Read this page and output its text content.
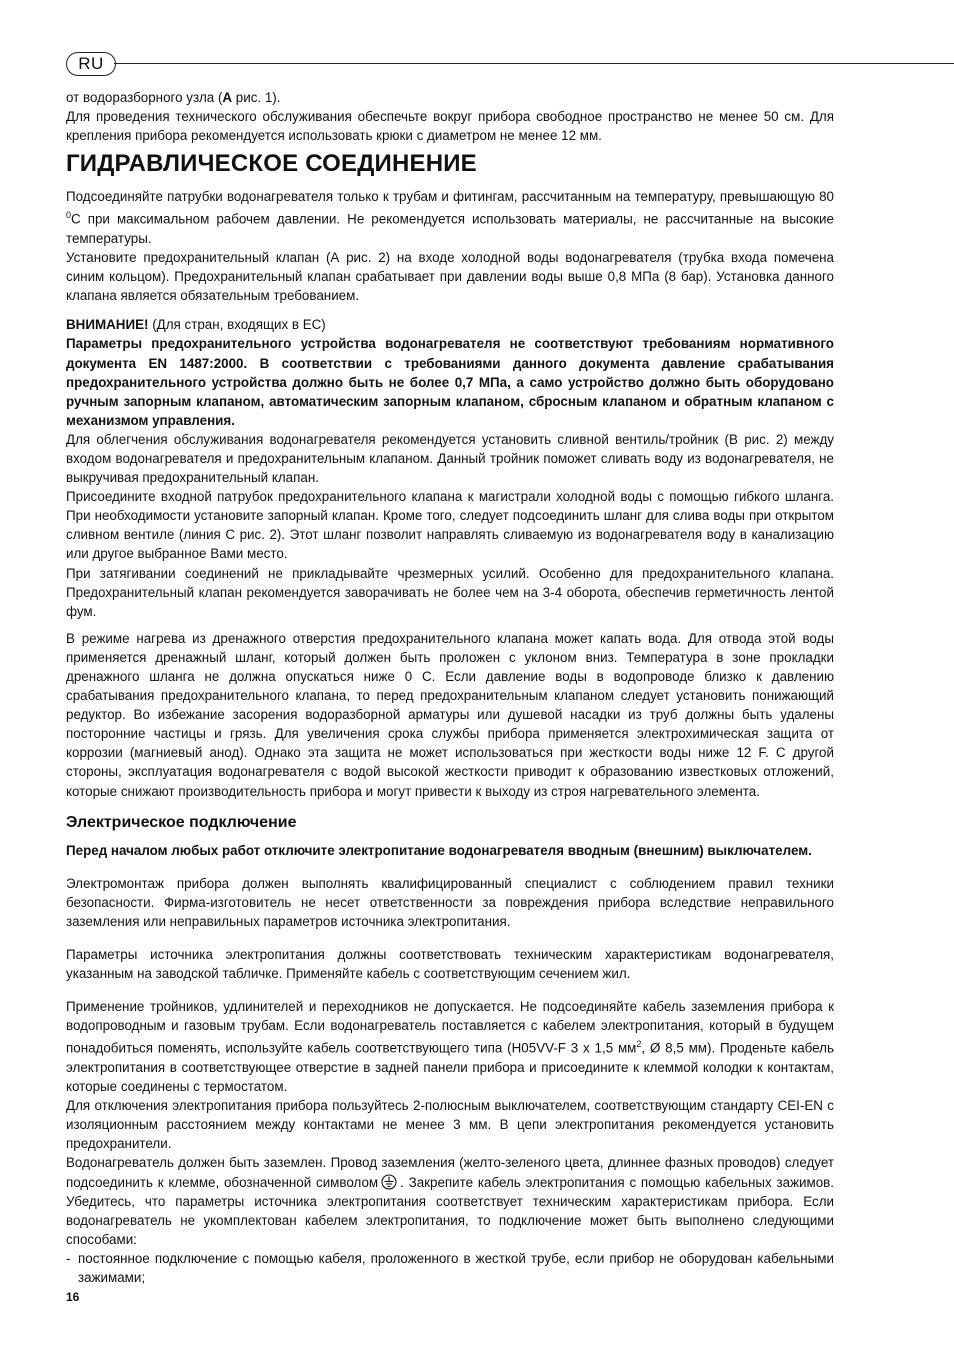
RU

от водоразборного узла (A рис. 1).

Для проведения технического обслуживания обеспечьте вокруг прибора свободное пространство не менее 50 см. Для крепления прибора рекомендуется использовать крюки с диаметром не менее 12 мм.

ГИДРАВЛИЧЕСКОЕ СОЕДИНЕНИЕ

Подсоединяйте патрубки водонагревателя только к трубам и фитингам, рассчитанным на температуру, превышающую 80 $^0$С при максимальном рабочем давлении. Не рекомендуется использовать материалы, не рассчитанные на высокие температуры.

Установите предохранительный клапан (А рис. 2) на входе холодной воды водонагревателя (трубка входа помечена синим кольцом). Предохранительный клапан срабатывает при давлении воды выше 0,8 МПа (8 бар). Установка данного клапана является обязательным требованием.

ВНИМАНИЕ! (Для стран, входящих в ЕС)

Параметры предохранительного устройства водонагревателя не соответствуют требованиям нормативного документа EN 1487:2000. В соответствии с требованиями данного документа давление срабатывания предохранительного устройства должно быть не более 0,7 МПа, а само устройство должно быть оборудовано ручным запорным клапаном, автоматическим запорным клапаном, сбросным клапаном и обратным клапаном с механизмом управления.

Для облегчения обслуживания водонагревателя рекомендуется установить сливной вентиль/тройник (В рис. 2) между входом водонагревателя и предохранительным клапаном. Данный тройник поможет сливать воду из водонагревателя, не выкручивая предохранительный клапан.

Присоедините входной патрубок предохранительного клапана к магистрали холодной воды с помощью гибкого шланга. При необходимости установите запорный клапан. Кроме того, следует подсоединить шланг для слива воды при открытом сливном вентиле (линия С рис. 2). Этот шланг позволит направлять сливаемую из водонагревателя воду в канализацию или другое выбранное Вами место.

При затягивании соединений не прикладывайте чрезмерных усилий. Особенно для предохранительного клапана. Предохранительный клапан рекомендуется заворачивать не более чем на 3-4 оборота, обеспечив герметичность лентой фум.

В режиме нагрева из дренажного отверстия предохранительного клапана может капать вода. Для отвода этой воды применяется дренажный шланг, который должен быть проложен с уклоном вниз. Температура в зоне прокладки дренажного шланга не должна опускаться ниже 0 С. Если давление воды в водопроводе близко к давлению срабатывания предохранительного клапана, то перед предохранительным клапаном следует установить понижающий редуктор. Во избежание засорения водоразборной арматуры или душевой насадки из труб должны быть удалены посторонние частицы и грязь. Для увеличения срока службы прибора применяется электрохимическая защита от коррозии (магниевый анод). Однако эта защита не может использоваться при жесткости воды ниже 12 F. С другой стороны, эксплуатация водонагревателя с водой высокой жесткости приводит к образованию известковых отложений, которые снижают производительность прибора и могут привести к выходу из строя нагревательного элемента.

Электрическое подключение

Перед началом любых работ отключите электропитание водонагревателя вводным (внешним) выключателем.

Электромонтаж прибора должен выполнять квалифицированный специалист с соблюдением правил техники безопасности. Фирма-изготовитель не несет ответственности за повреждения прибора вследствие неправильного заземления или неправильных параметров источника электропитания.

Параметры источника электропитания должны соответствовать техническим характеристикам водонагревателя, указанным на заводской табличке. Применяйте кабель с соответствующим сечением жил.

Применение тройников, удлинителей и переходников не допускается. Не подсоединяйте кабель заземления прибора к водопроводным и газовым трубам. Если водонагреватель поставляется с кабелем электропитания, который в будущем понадобиться поменять, используйте кабель соответствующего типа (H05VV-F 3 x 1,5 $мм^2$, Ø 8,5 мм). Проденьте кабель электропитания в соответствующее отверстие в задней панели прибора и присоедините к клеммой колодки к контактам, которые соединены с термостатом.

Для отключения электропитания прибора пользуйтесь 2-полюсным выключателем, соответствующим стандарту CEI-EN с изоляционным расстоянием между контактами не менее 3 мм. В цепи электропитания рекомендуется установить предохранители.

Водонагреватель должен быть заземлен. Провод заземления (желто-зеленого цвета, длиннее фазных проводов) следует подсоединить к клемме, обозначенной символом . Закрепите кабель электропитания с помощью кабельных зажимов. Убедитесь, что параметры источника электропитания соответствует техническим характеристикам прибора. Если водонагреватель не укомплектован кабелем электропитания, то подключение может быть выполнено следующими способами:

- постоянное подключение с помощью кабеля, проложенного в жесткой трубе, если прибор не оборудован кабельными зажимами;
16
